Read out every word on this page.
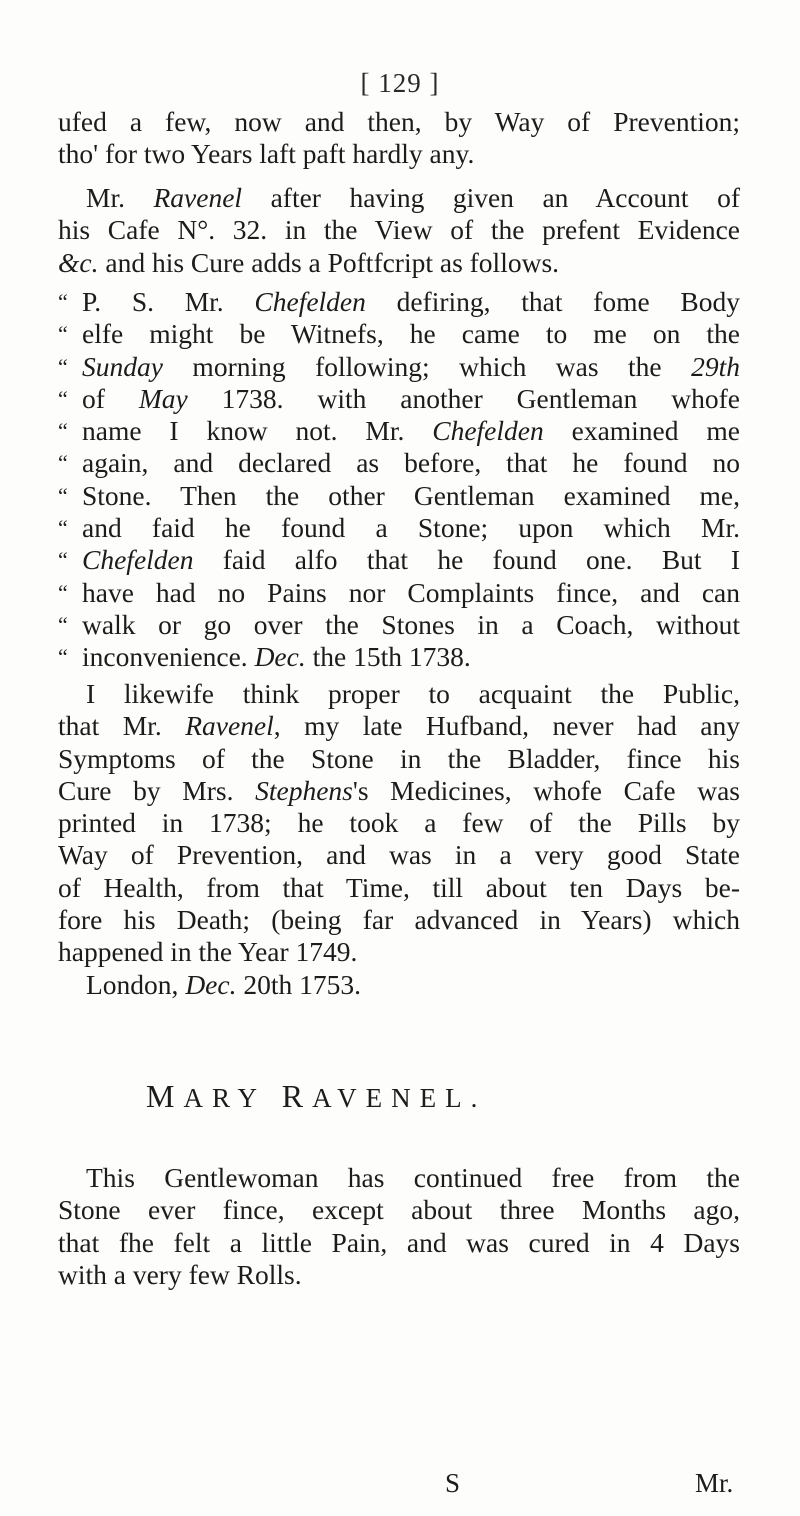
[ 129 ]
ufed a few, now and then, by Way of Prevention;
tho' for two Years laft paft hardly any.
Mr. Ravenel after having given an Account of
his Cafe N°. 32. in the View of the prefent Evidence
&c. and his Cure adds a Poftfcript as follows.
“ P. S. Mr. Chefelden defiring, that fome Body
“ elfe might be Witnefs, he came to me on the
“ Sunday morning following; which was the 29th
“ of May 1738. with another Gentleman whofe
“ name I know not. Mr. Chefelden examined me
“ again, and declared as before, that he found no
“ Stone. Then the other Gentleman examined me,
“ and faid he found a Stone; upon which Mr.
“ Chefelden faid alfo that he found one. But I
“ have had no Pains nor Complaints fince, and can
“ walk or go over the Stones in a Coach, without
“ inconvenience. Dec. the 15th 1738.
I likewife think proper to acquaint the Public,
that Mr. Ravenel, my late Hufband, never had any
Symptoms of the Stone in the Bladder, fince his
Cure by Mrs. Stephens's Medicines, whofe Cafe was
printed in 1738; he took a few of the Pills by
Way of Prevention, and was in a very good State
of Health, from that Time, till about ten Days be-
fore his Death; (being far advanced in Years) which
happened in the Year 1749.
London, Dec. 20th 1753.
MARY RAVENEL.
This Gentlewoman has continued free from the
Stone ever fince, except about three Months ago,
that fhe felt a little Pain, and was cured in 4 Days
with a very few Rolls.
S	Mr.
